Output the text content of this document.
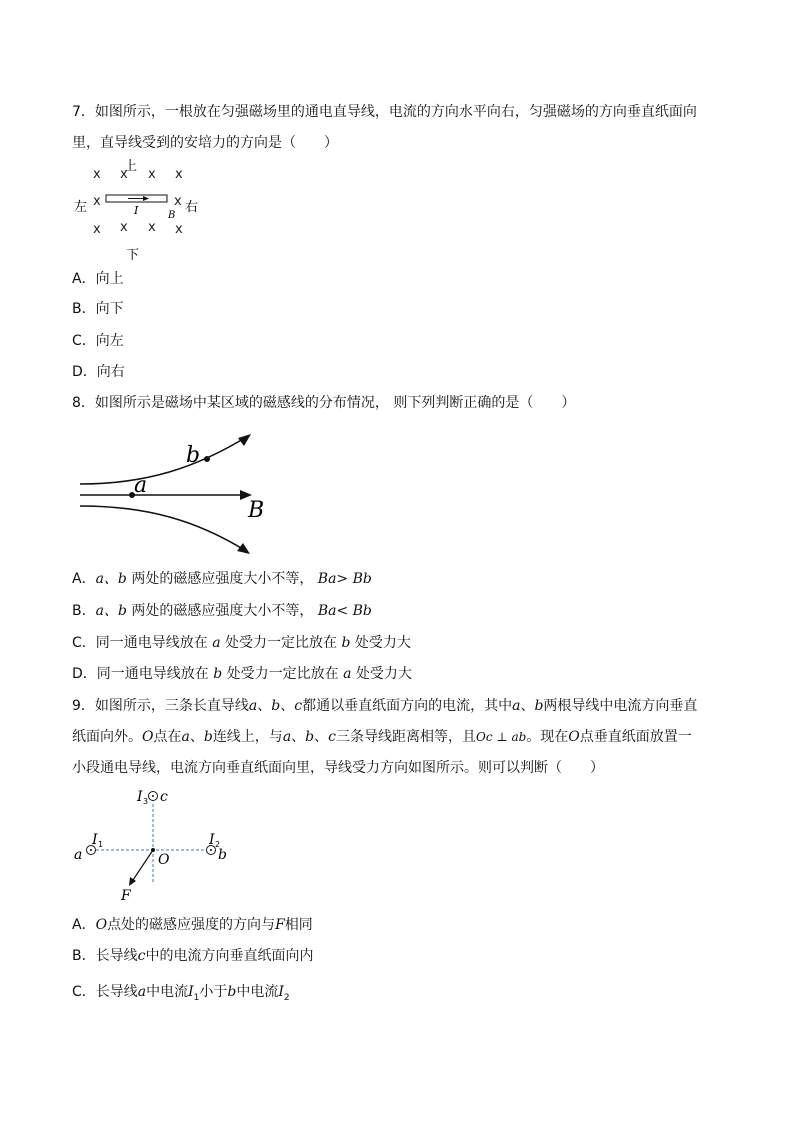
7．如图所示，一根放在匀强磁场里的通电直导线，电流的方向水平向右，匀强磁场的方向垂直纸面向
里，直导线受到的安培力的方向是（　　）
x x x x
x	x
x x x x
上
左	右
下
I	B
A．向上
B．向下
C．向左
D．向右
8．如图所示是磁场中某区域的磁感线的分布情况， 则下列判断正确的是（　　）
a
b
B
A．a、b 两处的磁感应强度大小不等， Ba> Bb
B．a、b 两处的磁感应强度大小不等， Ba< Bb
C．同一通电导线放在 a 处受力一定比放在 b 处受力大
D．同一通电导线放在 b 处受力一定比放在 a 处受力大
9．如图所示，三条长直导线a、b、c都通以垂直纸面方向的电流，其中a、b两根导线中电流方向垂直
纸面向外。O点在a、b连线上，与a、b、c三条导线距离相等，且Oc ⊥ ab。现在O点垂直纸面放置一
小段通电导线，电流方向垂直纸面向里，导线受力方向如图所示。则可以判断（　　）
I 3 c
I 1
a
I 2
b
O
F
A．O点处的磁感应强度的方向与F相同
B．长导线c中的电流方向垂直纸面向内
C．长导线a中电流$I_1$小于b中电流$I_2$
